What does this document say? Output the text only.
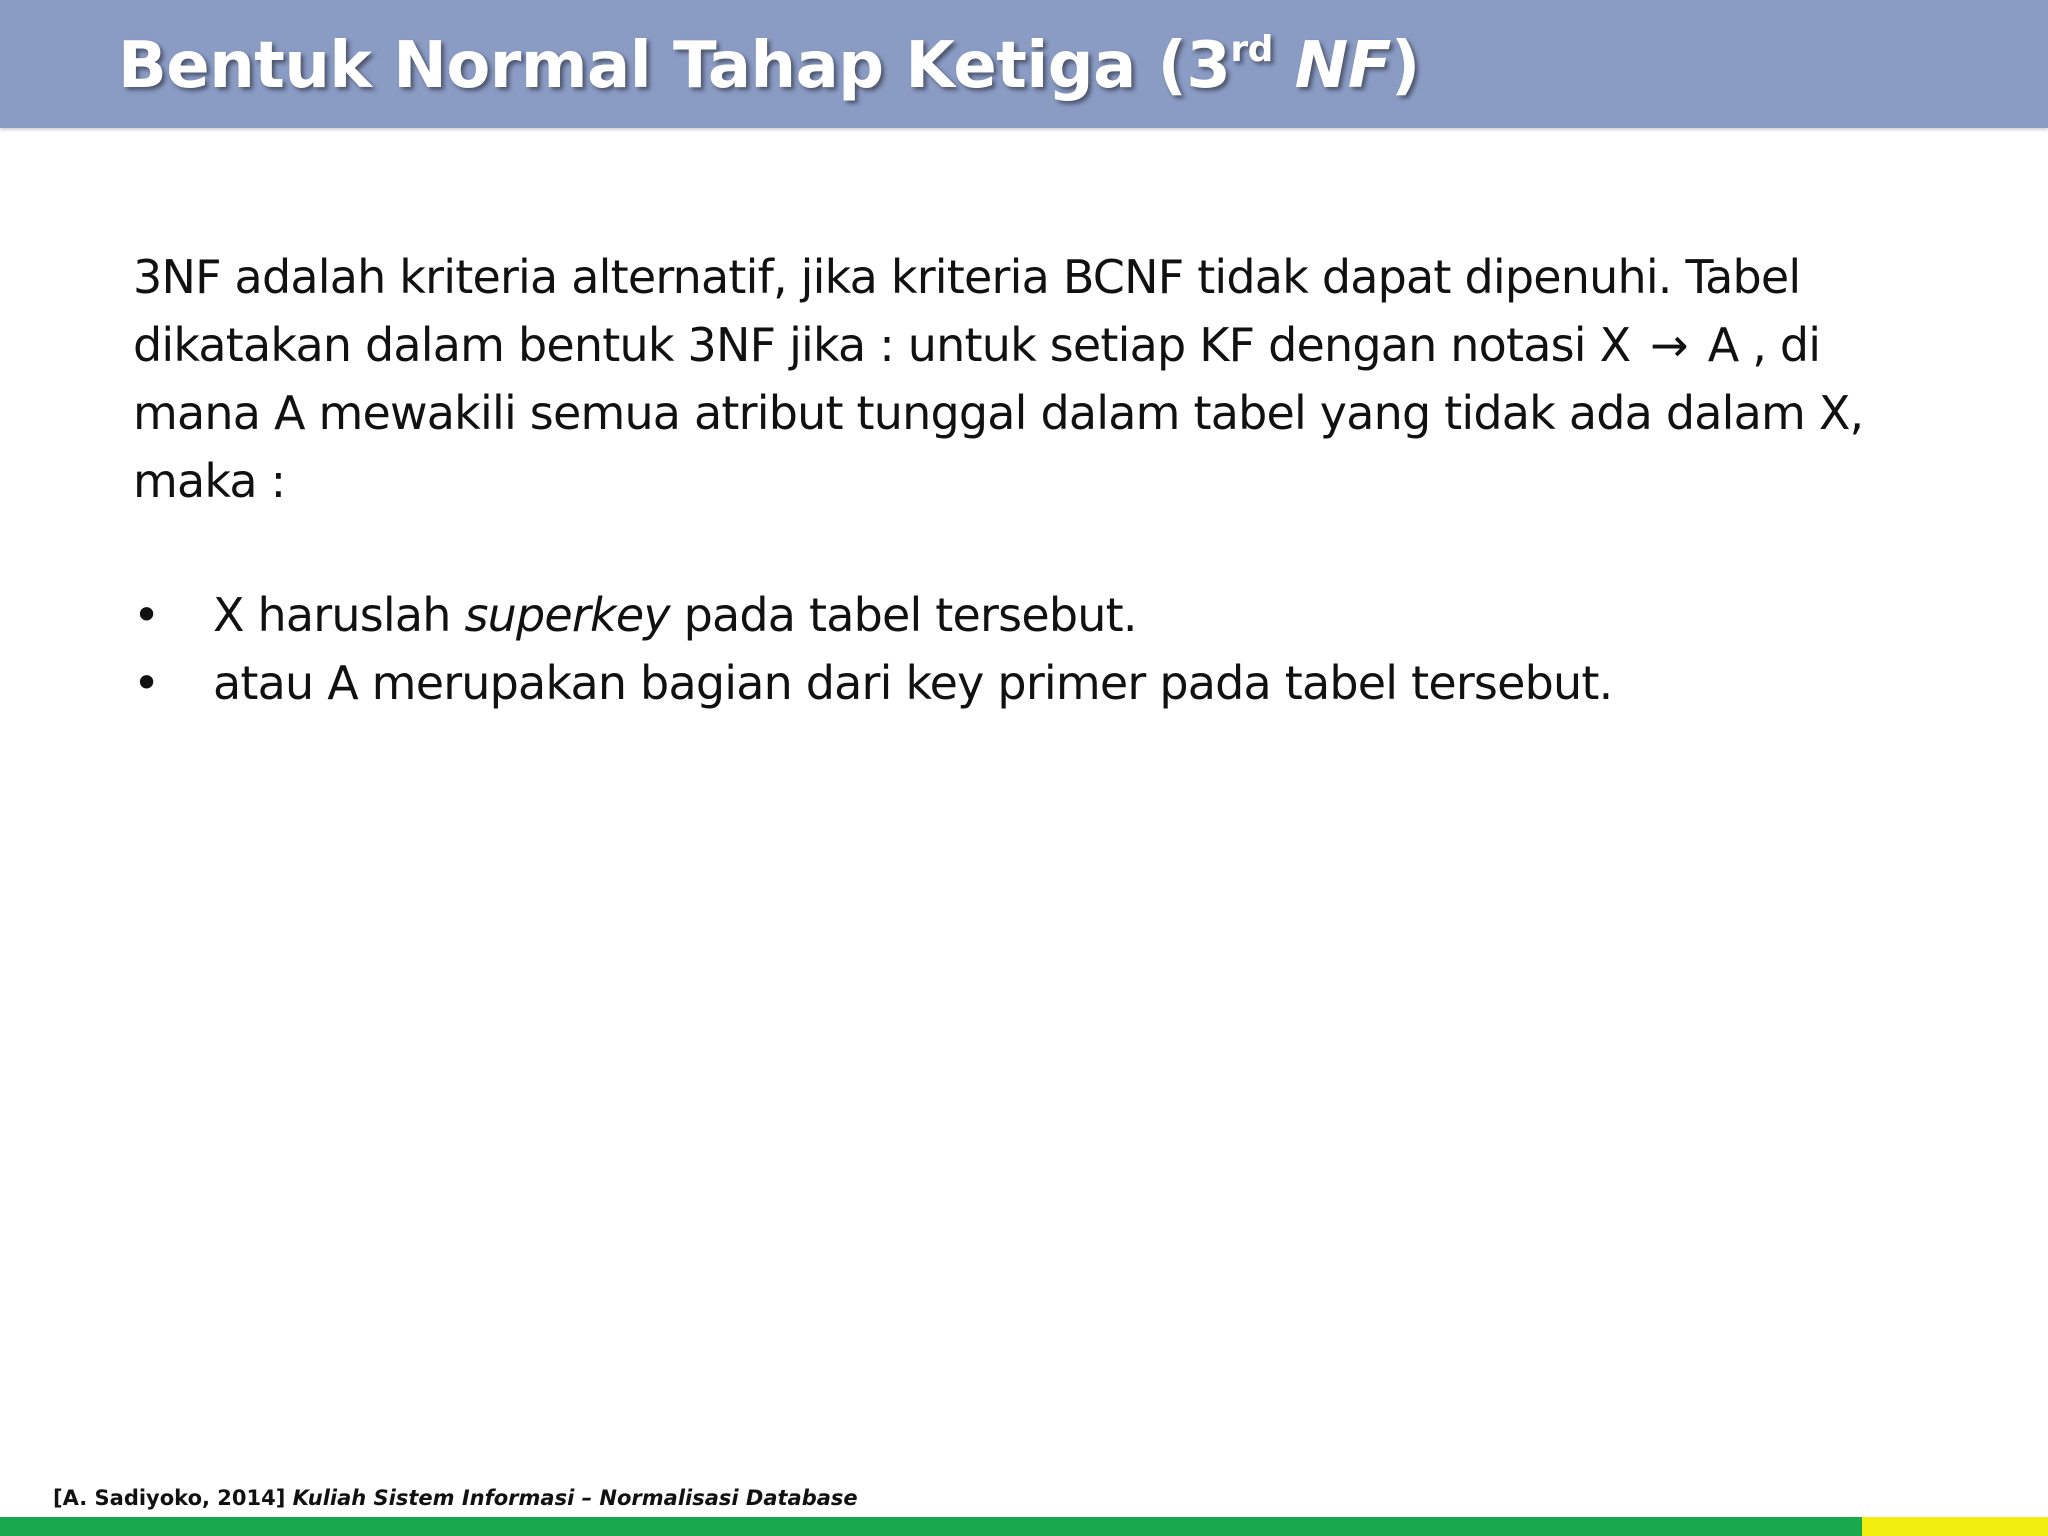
Bentuk Normal Tahap Ketiga (3rd NF)

3NF adalah kriteria alternatif, jika kriteria BCNF tidak dapat dipenuhi. Tabel dikatakan dalam bentuk 3NF jika : untuk setiap KF dengan notasi X → A , di mana A mewakili semua atribut tunggal dalam tabel yang tidak ada dalam X, maka :

• X haruslah superkey pada tabel tersebut.
• atau A merupakan bagian dari key primer pada tabel tersebut.
[A. Sadiyoko, 2014] Kuliah Sistem Informasi – Normalisasi Database
